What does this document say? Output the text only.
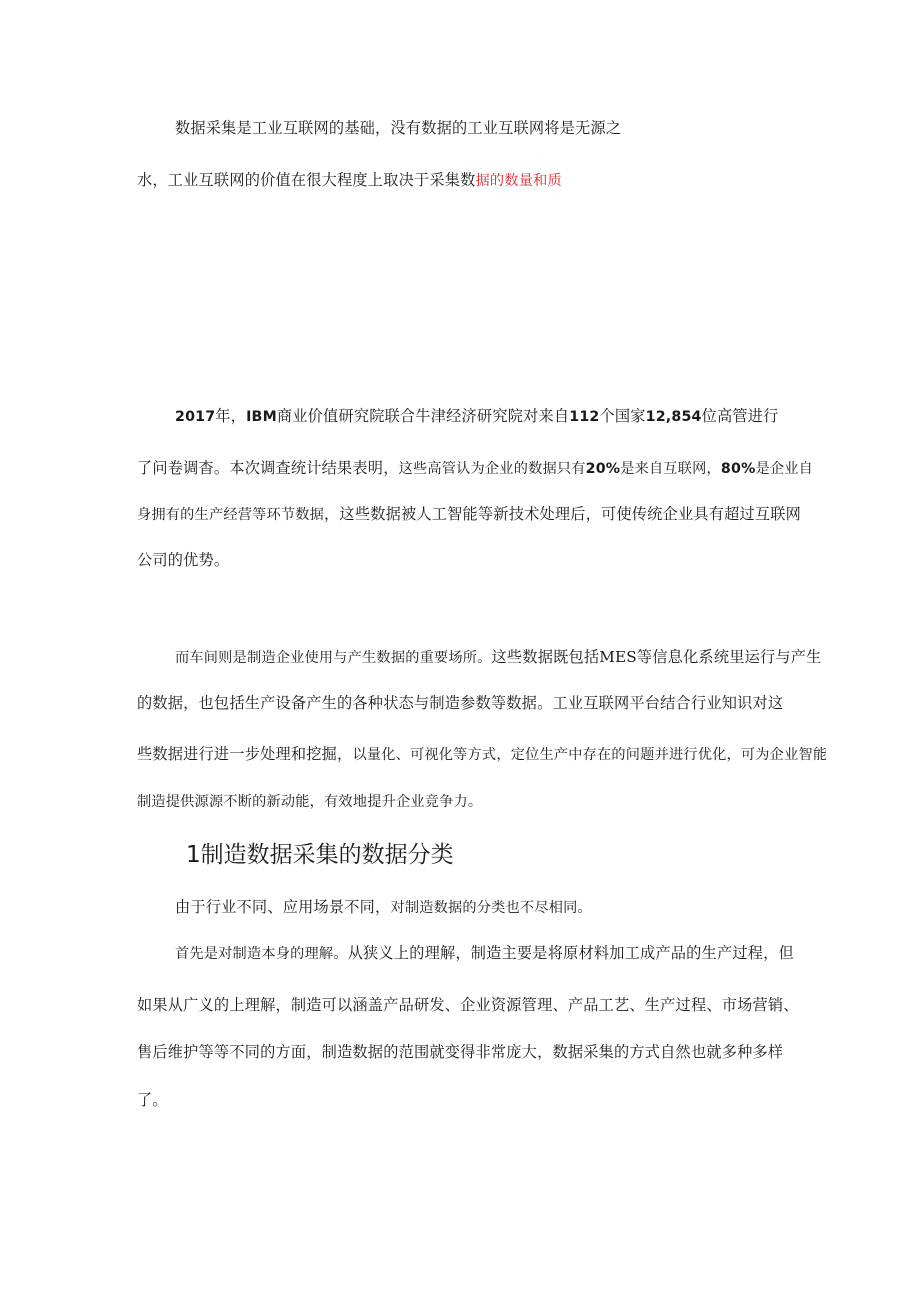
数据采集是工业互联网的基础，没有数据的工业互联网将是无源之
水，工业互联网的价值在很大程度上取决于采集数据的数量和质
2017年，IBM商业价值研究院联合牛津经济研究院对来自112个国家12,854位高管进行
了问卷调杳。本次调查统计结果表明，这些高管认为企业的数据只有20%是来自互联网，80%是企业自
身拥有的生产经营等环节数据，这些数据被人工智能等新技术处理后，可使传统企业具有超过互联网
公司的优势。
而车间则是制造企业使用与产生数据的重要场所。这些数据既包括MES等信息化系统里运行与产生
的数据，也包括生产设备产生的各种状态与制造参数等数据。工业互联网平台结合行业知识对这
些数据进行进一步处理和挖掘，以量化、可视化等方式，定位生产中存在的问题并进行优化，可为企业智能
制造提供源源不断的新动能，有效地提升企业竞争力。
1制造数据采集的数据分类
由于行业不同、应用场景不同，对制造数据的分类也不尽相同。
首先是对制造本身的理解。从狭义上的理解，制造主要是将原材料加工成产品的生产过程，但
如果从广义的上理解，制造可以涵盖产品研发、企业资源管理、产品工艺、生产过程、市场营销、
售后维护等等不同的方面，制造数据的范围就变得非常庞大，数据采集的方式自然也就多种多样
了。
